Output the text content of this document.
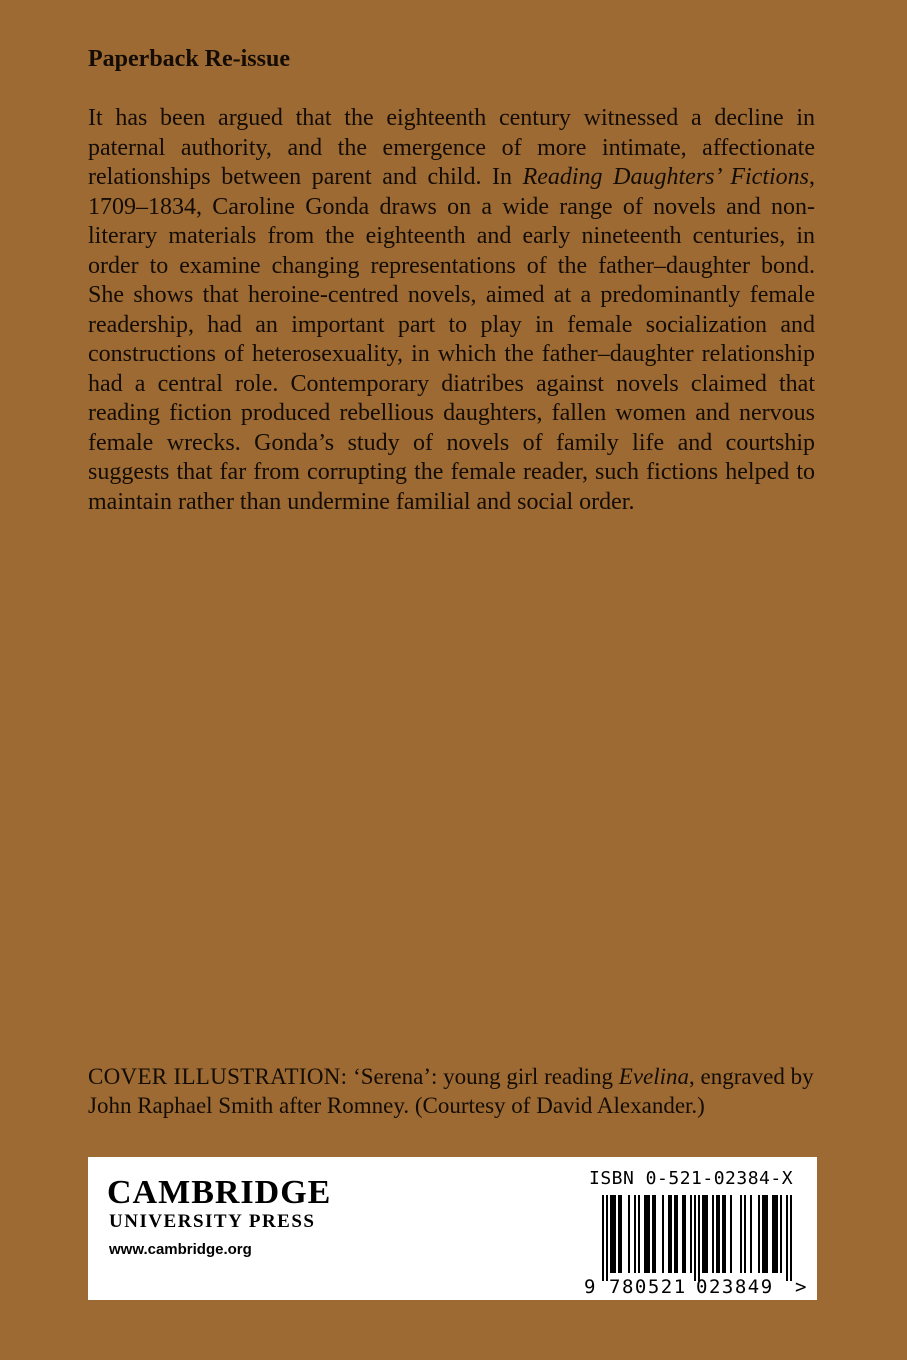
Paperback Re-issue

It has been argued that the eighteenth century witnessed a decline in paternal authority, and the emergence of more intimate, affectionate relationships between parent and child. In Reading Daughters’ Fictions, 1709–1834, Caroline Gonda draws on a wide range of novels and non-literary materials from the eighteenth and early nineteenth centuries, in order to examine changing representations of the father–daughter bond. She shows that heroine-centred novels, aimed at a predominantly female readership, had an important part to play in female socialization and constructions of heterosexuality, in which the father–daughter relationship had a central role. Contemporary diatribes against novels claimed that reading fiction produced rebellious daughters, fallen women and nervous female wrecks. Gonda’s study of novels of family life and courtship suggests that far from corrupting the female reader, such fictions helped to maintain rather than undermine familial and social order.

COVER ILLUSTRATION: ‘Serena’: young girl reading Evelina, engraved by John Raphael Smith after Romney. (Courtesy of David Alexander.)

CAMBRIDGE
UNIVERSITY PRESS
www.cambridge.org
ISBN 0-521-02384-X
9 780521 023849 >
